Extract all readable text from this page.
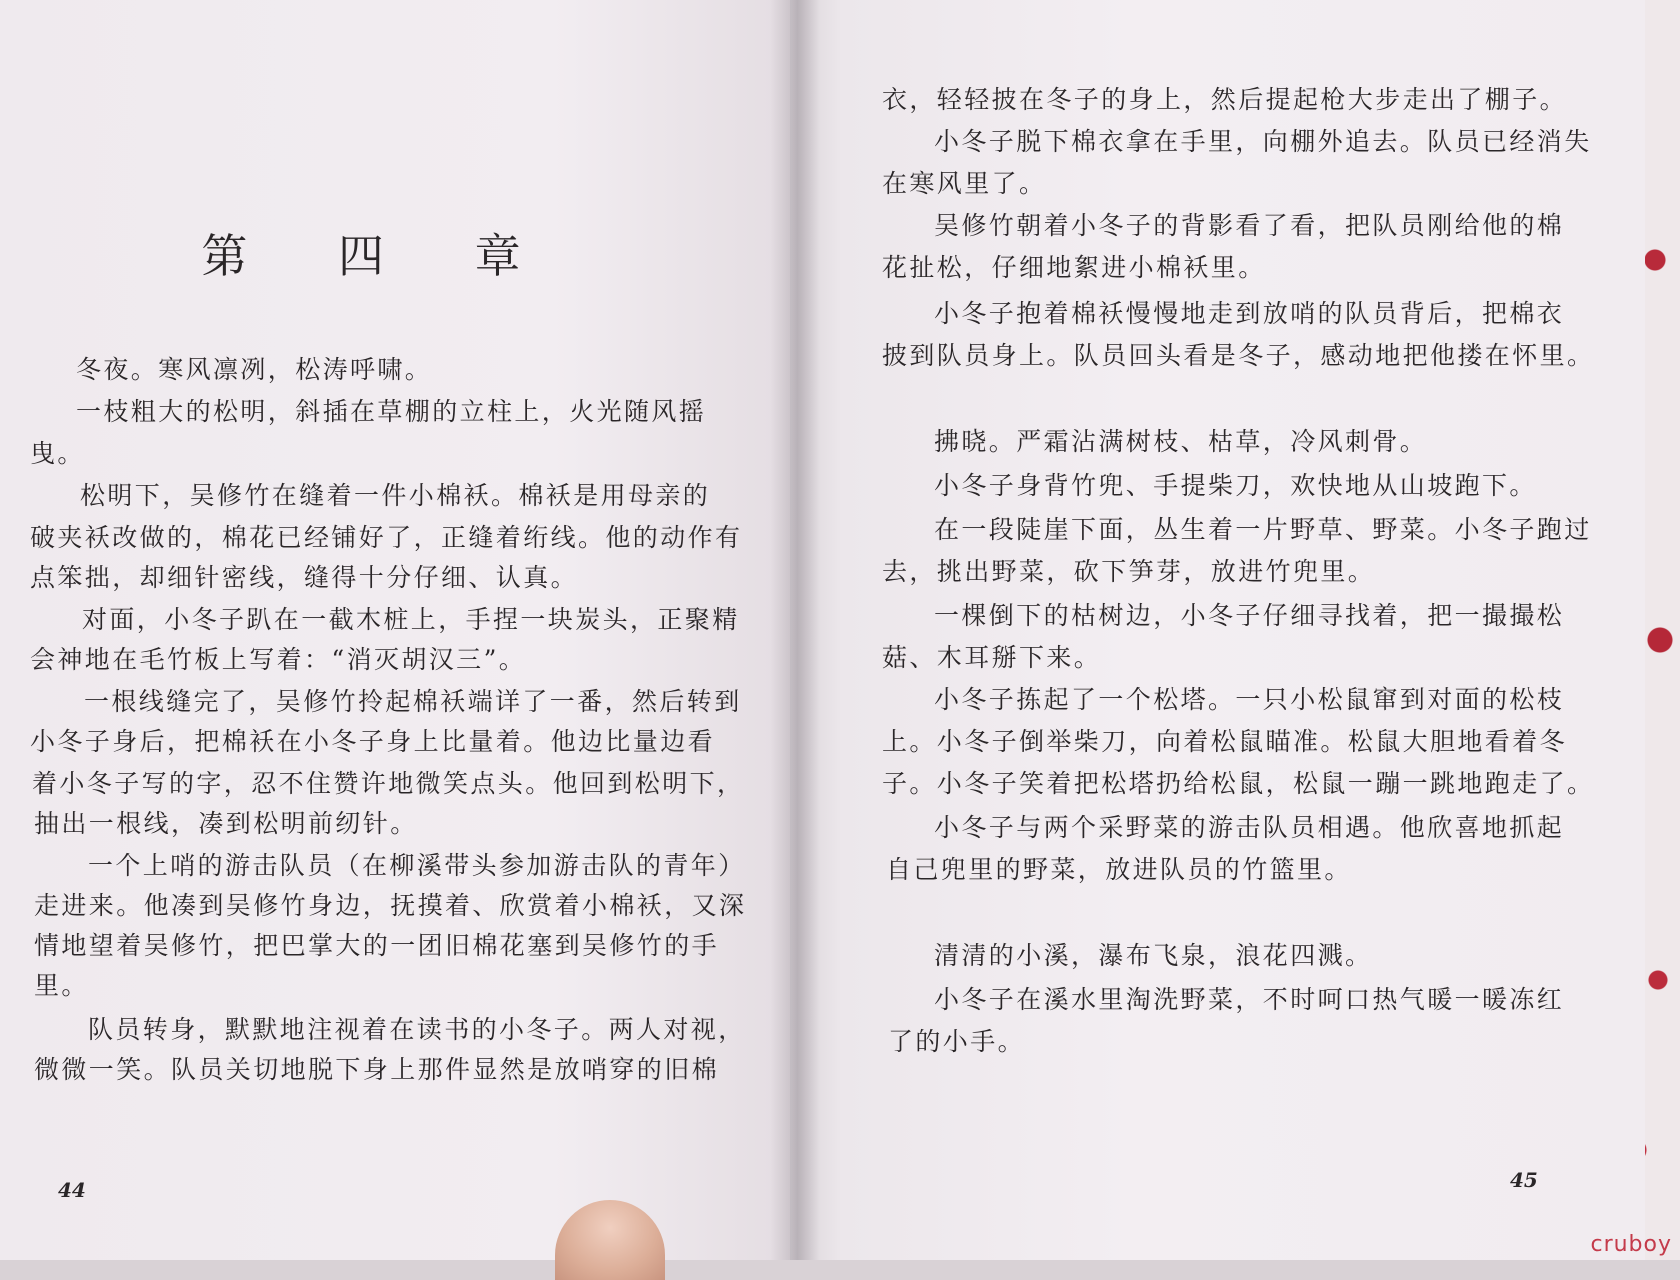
第 四 章
冬夜。寒风凛冽，松涛呼啸。
一枝粗大的松明，斜插在草棚的立柱上，火光随风摇
曳。
松明下，吴修竹在缝着一件小棉袄。棉袄是用母亲的
破夹袄改做的，棉花已经铺好了，正缝着绗线。他的动作有
点笨拙，却细针密线，缝得十分仔细、认真。
对面，小冬子趴在一截木桩上，手捏一块炭头，正聚精
会神地在毛竹板上写着：“消灭胡汉三”。
一根线缝完了，吴修竹拎起棉袄端详了一番，然后转到
小冬子身后，把棉袄在小冬子身上比量着。他边比量边看
着小冬子写的字，忍不住赞许地微笑点头。他回到松明下，
抽出一根线，凑到松明前纫针。
一个上哨的游击队员（在柳溪带头参加游击队的青年）
走进来。他凑到吴修竹身边，抚摸着、欣赏着小棉袄，又深
情地望着吴修竹，把巴掌大的一团旧棉花塞到吴修竹的手
里。
队员转身，默默地注视着在读书的小冬子。两人对视，
微微一笑。队员关切地脱下身上那件显然是放哨穿的旧棉
44
衣，轻轻披在冬子的身上，然后提起枪大步走出了棚子。
小冬子脱下棉衣拿在手里，向棚外追去。队员已经消失
在寒风里了。
吴修竹朝着小冬子的背影看了看，把队员刚给他的棉
花扯松，仔细地絮进小棉袄里。
小冬子抱着棉袄慢慢地走到放哨的队员背后，把棉衣
披到队员身上。队员回头看是冬子，感动地把他搂在怀里。
拂晓。严霜沾满树枝、枯草，冷风刺骨。
小冬子身背竹兜、手提柴刀，欢快地从山坡跑下。
在一段陡崖下面，丛生着一片野草、野菜。小冬子跑过
去，挑出野菜，砍下笋芽，放进竹兜里。
一棵倒下的枯树边，小冬子仔细寻找着，把一撮撮松
菇、木耳掰下来。
小冬子拣起了一个松塔。一只小松鼠窜到对面的松枝
上。小冬子倒举柴刀，向着松鼠瞄准。松鼠大胆地看着冬
子。小冬子笑着把松塔扔给松鼠，松鼠一蹦一跳地跑走了。
小冬子与两个采野菜的游击队员相遇。他欣喜地抓起
自己兜里的野菜，放进队员的竹篮里。
清清的小溪，瀑布飞泉，浪花四溅。
小冬子在溪水里淘洗野菜，不时呵口热气暖一暖冻红
了的小手。
45
cruboy
